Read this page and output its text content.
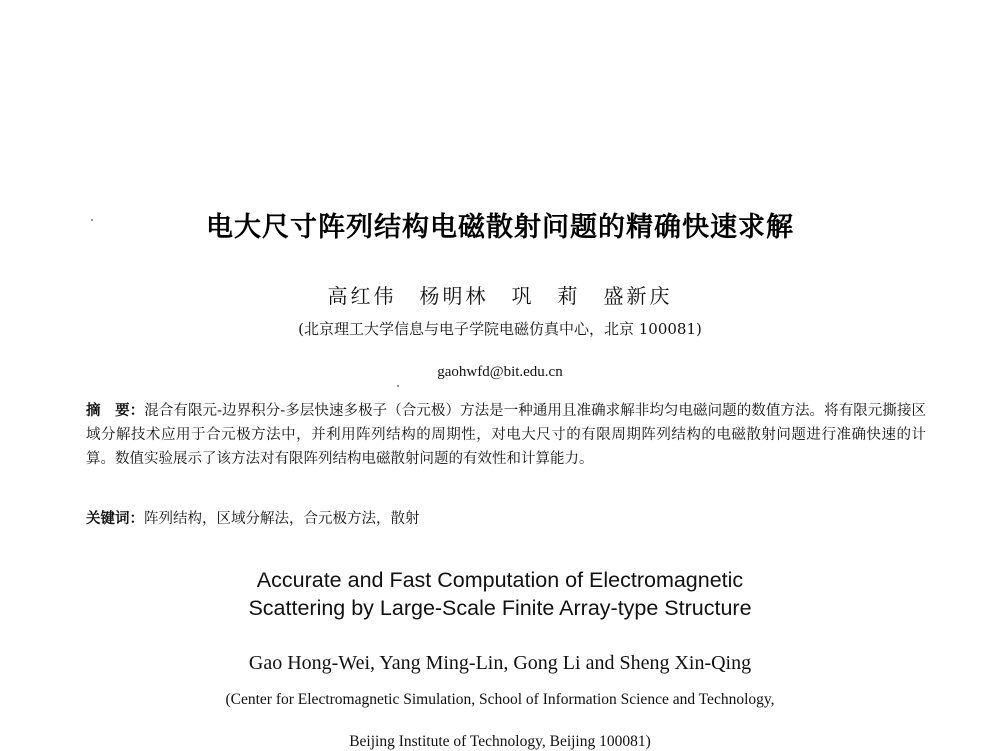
电大尺寸阵列结构电磁散射问题的精确快速求解
高红伟　杨明林　巩　莉　盛新庆
(北京理工大学信息与电子学院电磁仿真中心，北京 100081)
gaohwfd@bit.edu.cn
摘　要：混合有限元-边界积分-多层快速多极子（合元极）方法是一种通用且准确求解非均匀电磁问题的数值方法。将有限元撕接区域分解技术应用于合元极方法中，并利用阵列结构的周期性，对电大尺寸的有限周期阵列结构的电磁散射问题进行准确快速的计算。数值实验展示了该方法对有限阵列结构电磁散射问题的有效性和计算能力。
关键词：阵列结构，区域分解法，合元极方法，散射
Accurate and Fast Computation of Electromagnetic
Scattering by Large-Scale Finite Array-type Structure
Gao Hong-Wei, Yang Ming-Lin, Gong Li and Sheng Xin-Qing
(Center for Electromagnetic Simulation, School of Information Science and Technology,
Beijing Institute of Technology, Beijing 100081)
